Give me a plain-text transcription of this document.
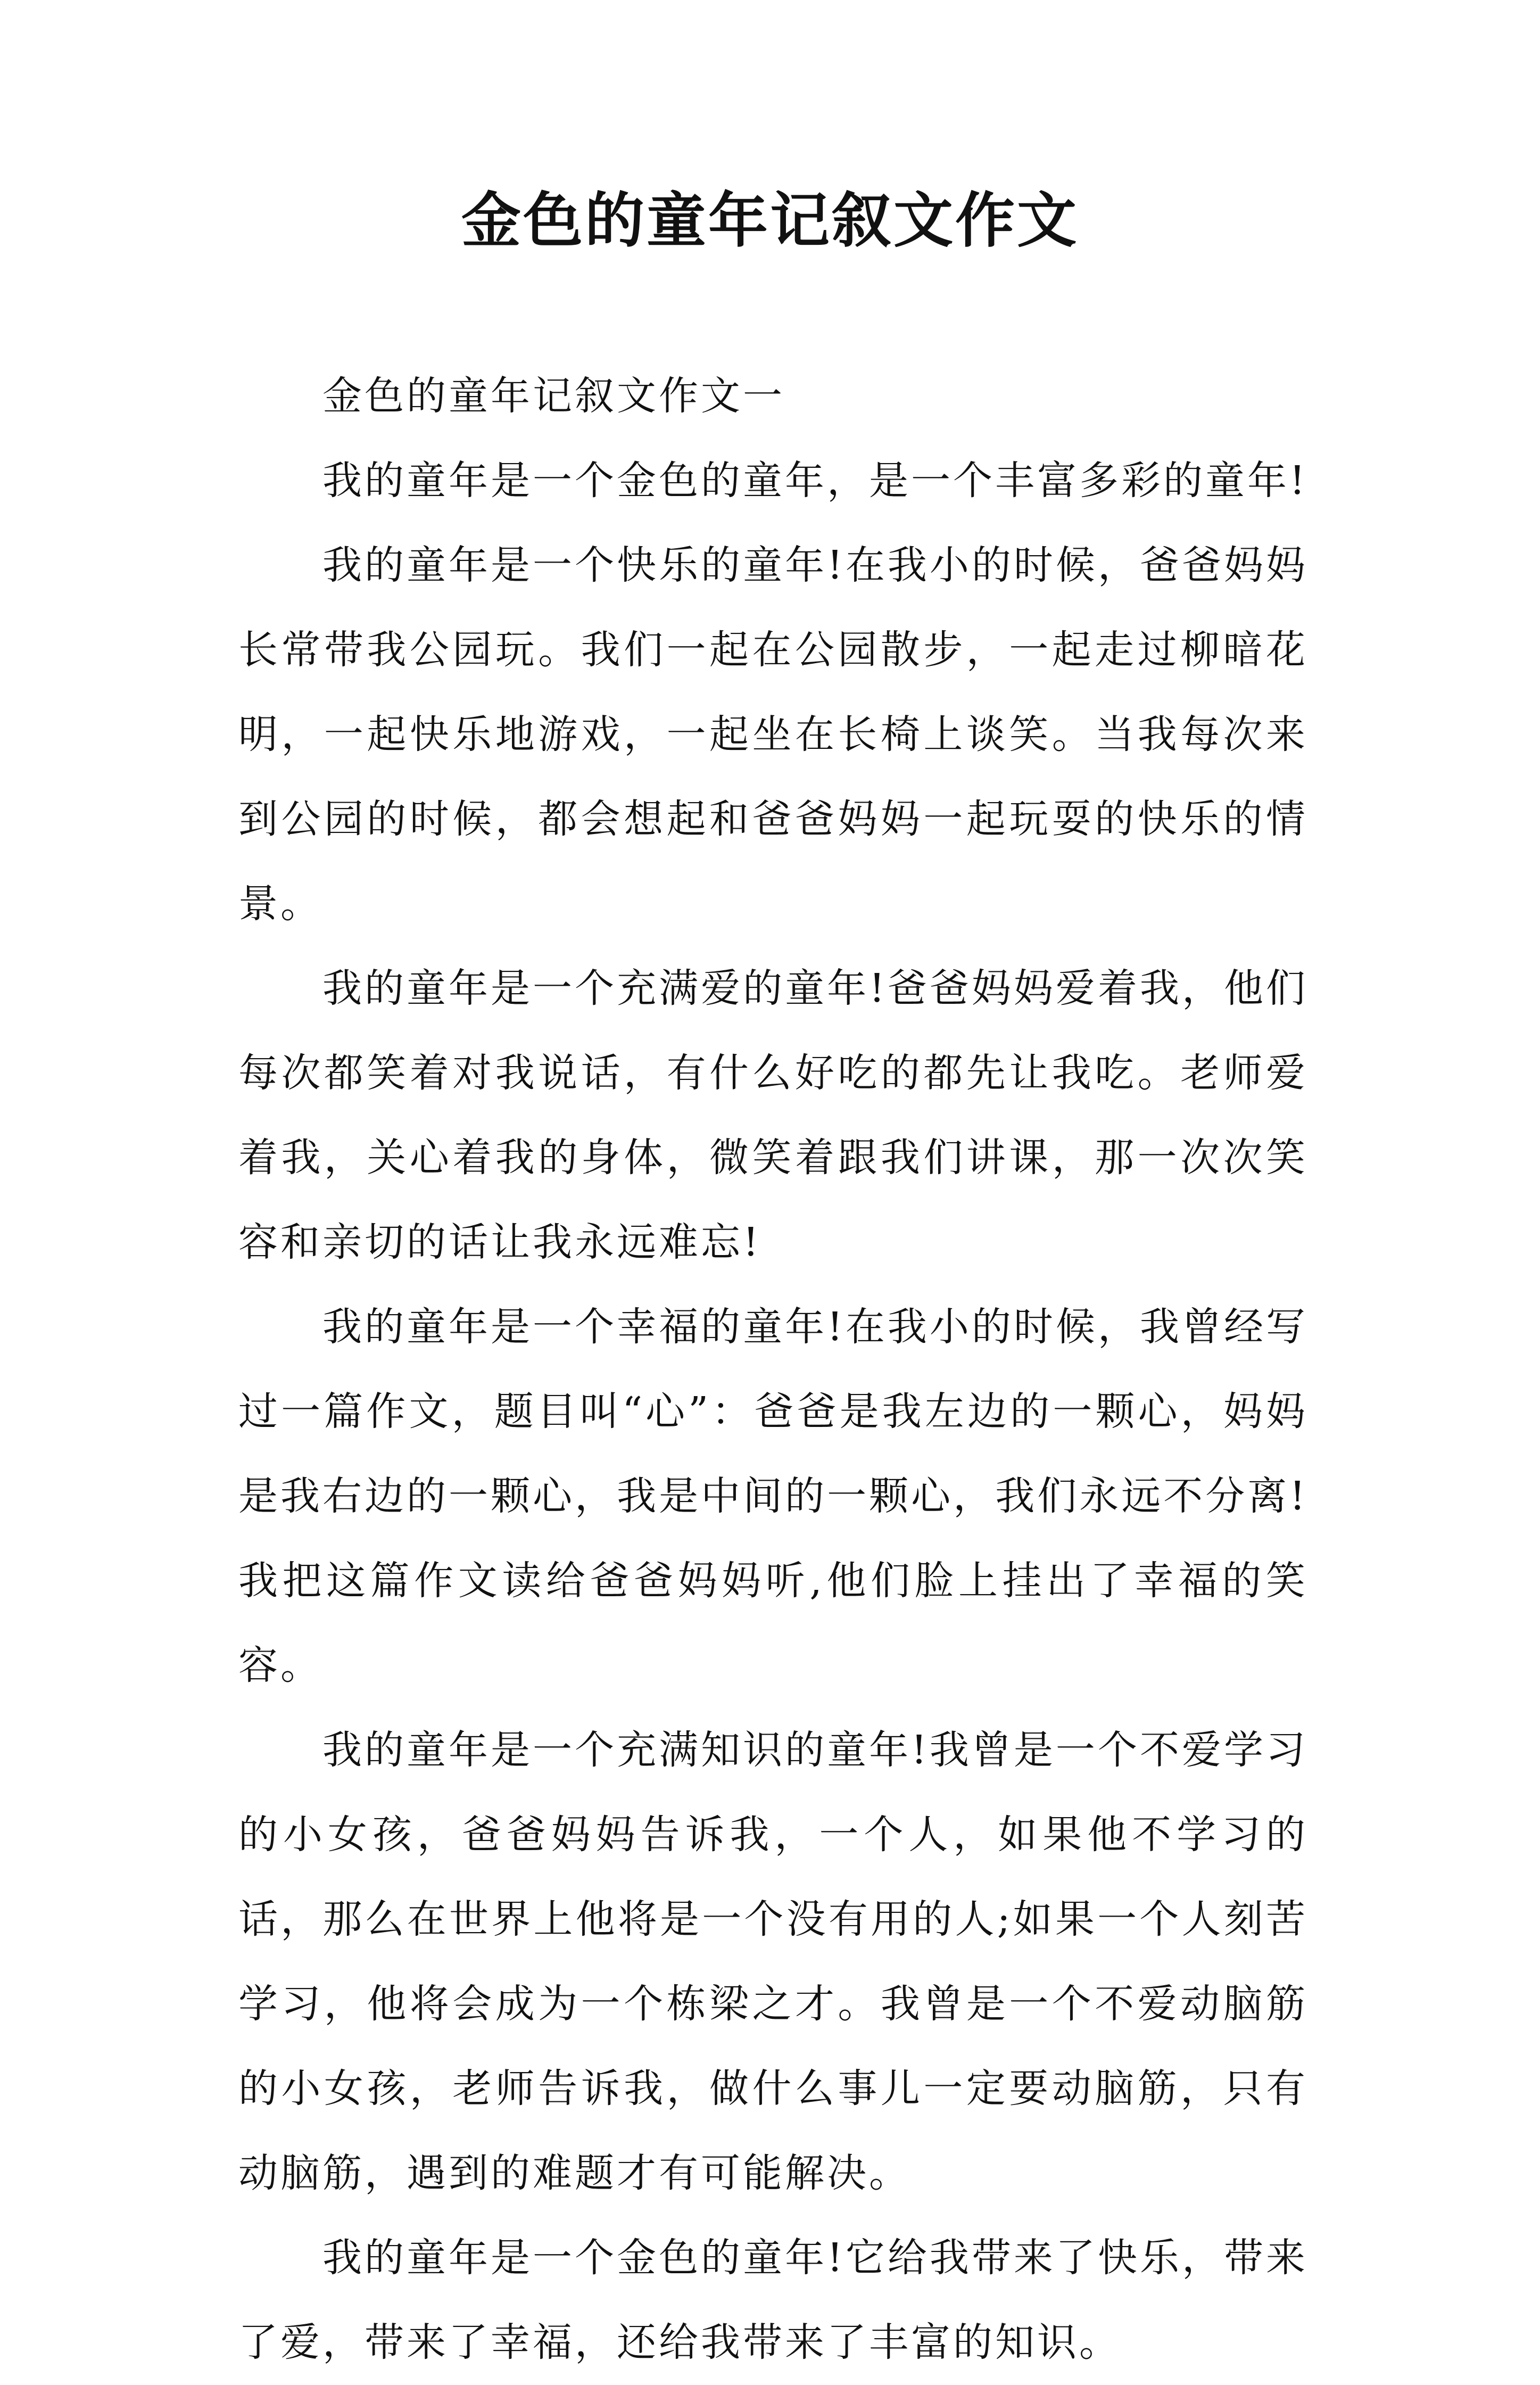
金色的童年记叙文作文

金色的童年记叙文作文一

我的童年是一个金色的童年，是一个丰富多彩的童年!

我的童年是一个快乐的童年!在我小的时候，爸爸妈妈长常带我公园玩。我们一起在公园散步，一起走过柳暗花明，一起快乐地游戏，一起坐在长椅上谈笑。当我每次来到公园的时候，都会想起和爸爸妈妈一起玩耍的快乐的情景。

我的童年是一个充满爱的童年!爸爸妈妈爱着我，他们每次都笑着对我说话，有什么好吃的都先让我吃。老师爱着我，关心着我的身体，微笑着跟我们讲课，那一次次笑容和亲切的话让我永远难忘!

我的童年是一个幸福的童年!在我小的时候，我曾经写过一篇作文，题目叫“心”：爸爸是我左边的一颗心，妈妈是我右边的一颗心，我是中间的一颗心，我们永远不分离!我把这篇作文读给爸爸妈妈听,他们脸上挂出了幸福的笑容。

我的童年是一个充满知识的童年!我曾是一个不爱学习的小女孩，爸爸妈妈告诉我，一个人，如果他不学习的话，那么在世界上他将是一个没有用的人;如果一个人刻苦学习，他将会成为一个栋梁之才。我曾是一个不爱动脑筋的小女孩，老师告诉我，做什么事儿一定要动脑筋，只有动脑筋，遇到的难题才有可能解决。

我的童年是一个金色的童年!它给我带来了快乐，带来了爱，带来了幸福，还给我带来了丰富的知识。
